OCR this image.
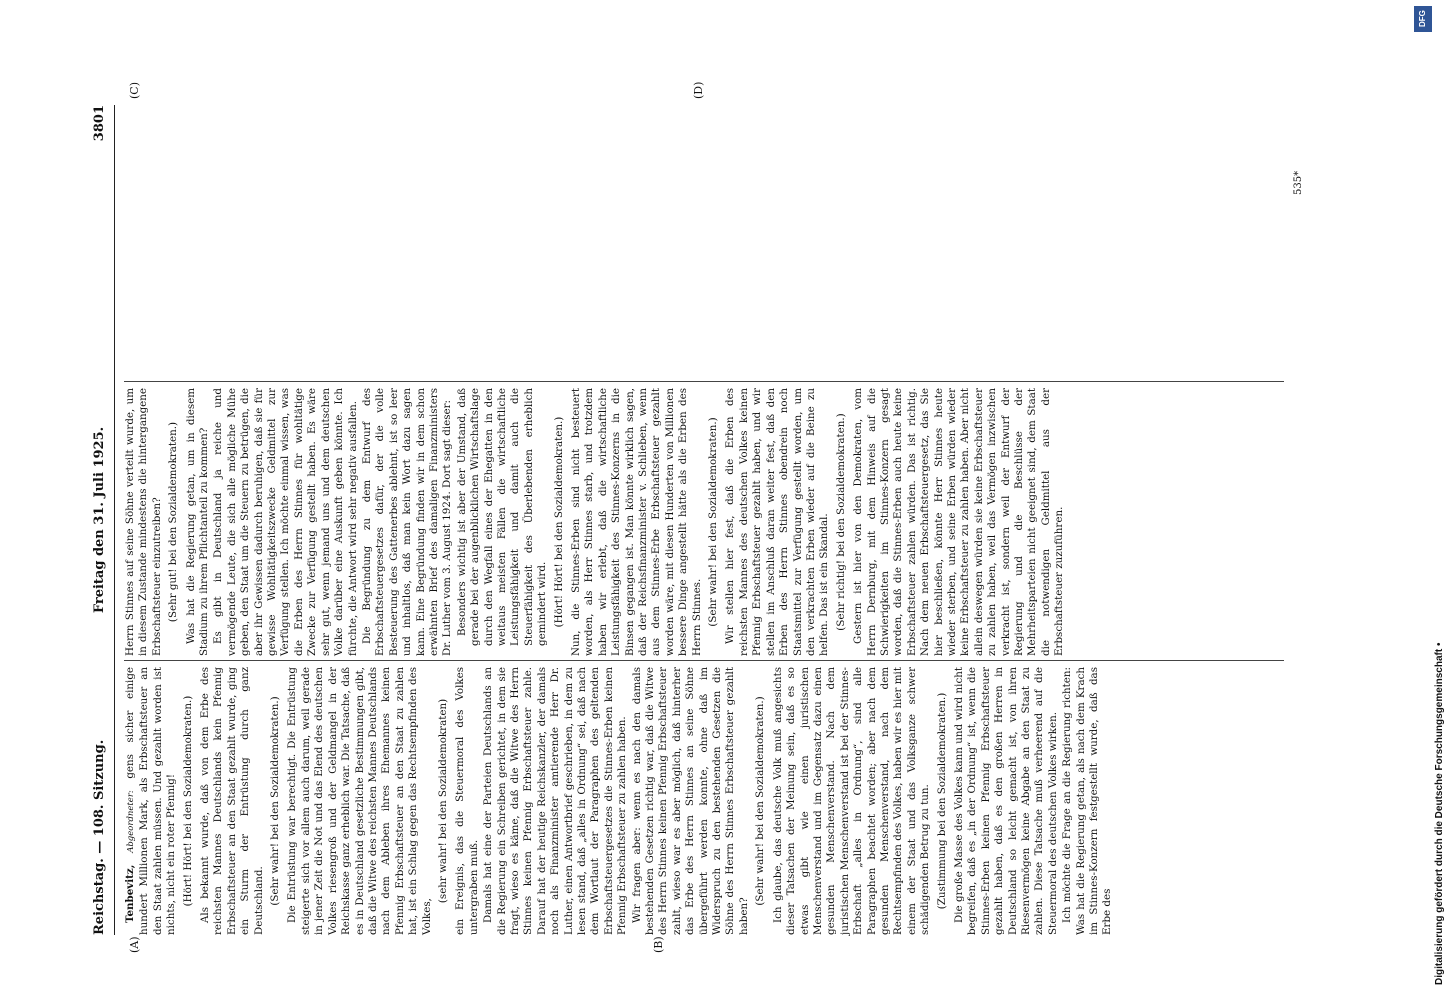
Reichstag. — 108. Sitzung.
Freitag den 31. Juli 1925.
3801
(A)	(B)
(C)	(D)

Tenbevitz, Abgeordneter: gens sicher einige hundert Millionen Mark, als Erbschaftsteuer an den Staat zahlen müssen. Und gezahlt worden ist nichts, nicht ein roter Pfennig! (Hört! Hört! bei den Sozialdemokraten.) Als bekannt wurde, daß von dem Erbe des reichsten Mannes Deutschlands kein Pfennig Erbschaftsteuer an den Staat gezahlt wurde, ging ein Sturm der Entrüstung durch ganz Deutschland. (Sehr wahr! bei den Sozialdemokraten.) Die Entrüstung war berechtigt. Die Entrüstung steigerte sich vor allem auch darum, weil gerade in jener Zeit die Not und das Elend des deutschen Volkes riesengroß und der Geldmangel in der Reichskasse ganz erheblich war. Die Tatsache, daß es in Deutschland gesetzliche Bestimmungen gibt, daß die Witwe des reichsten Mannes Deutschlands nach dem Ableben ihres Ehemannes keinen Pfennig Erbschaftsteuer an den Staat zu zahlen hat, ist ein Schlag gegen das Rechtsempfinden des Volkes,

(sehr wahr! bei den Sozialdemokraten) ein Ereignis, das die Steuermoral des Volkes untergraben muß. Damals hat eine der Parteien Deutschlands an die Regierung ein Schreiben gerichtet, in dem sie fragt, wieso es käme, daß die Witwe des Herrn Stinnes keinen Pfennig Erbschaftsteuer zahle. Darauf hat der heutige Reichskanzler, der damals noch als Finanzminister amtierende Herr Dr. Luther, einen Antwortbrief geschrieben, in dem zu lesen stand, daß „alles in Ordnung“ sei, daß nach dem Wortlaut der Paragraphen des geltenden Erbschaftsteuergesetzes die Stinnes-Erben keinen Pfennig Erbschaftsteuer zu zahlen haben. Wir fragen aber: wenn es nach den damals bestehenden Gesetzen richtig war, daß die Witwe des Herrn Stinnes keinen Pfennig Erbschaftsteuer zahlt, wieso war es aber möglich, daß hinterher das Erbe des Herrn Stinnes an seine Söhne übergeführt werden konnte, ohne daß im Widerspruch zu den bestehenden Gesetzen die Söhne des Herrn Stinnes Erbschaftsteuer gezahlt haben?

(Sehr wahr! bei den Sozialdemokraten.) Ich glaube, das deutsche Volk muß angesichts dieser Tatsachen der Meinung sein, daß es so etwas gibt wie einen juristischen Menschenverstand und im Gegensatz dazu einen gesunden Menschenverstand. Nach dem juristischen Menschenverstand ist bei der Stinnes-Erbschaft „alles in Ordnung“, sind alle Paragraphen beachtet worden; aber nach dem gesunden Menschenverstand, nach dem Rechtsempfinden des Volkes, haben wir es hier mit einem der Staat und das Volksganze schwer schädigenden Betrug zu tun. (Zustimmung bei den Sozialdemokraten.) Die große Masse des Volkes kann und wird nicht begreifen, daß es „in der Ordnung“ ist, wenn die Stinnes-Erben keinen Pfennig Erbschaftsteuer gezahlt haben, daß es den großen Herren in Deutschland so leicht gemacht ist, von ihren Riesenvermögen keine Abgabe an den Staat zu zahlen. Diese Tatsache muß verheerend auf die Steuermoral des deutschen Volkes wirken. Ich möchte die Frage an die Regierung richten: Was hat die Regierung getan, als nach dem Krach im Stinnes-Konzern festgestellt wurde, daß das Erbe des

Herrn Stinnes auf seine Söhne verteilt wurde, um in diesem Zustande mindestens die hintergangene Erbschaftsteuer einzutreiben? (Sehr gut! bei den Sozialdemokraten.) Was hat die Regierung getan, um in diesem Stadium zu ihrem Pflichtanteil zu kommen? Es gibt in Deutschland ja reiche und vermögende Leute, die sich alle mögliche Mühe geben, den Staat um die Steuern zu betrügen, die aber ihr Gewissen dadurch beruhigen, daß sie für gewisse Wohltätigkeitszwecke Geldmittel zur Verfügung stellen. Ich möchte einmal wissen, was die Erben des Herrn Stinnes für wohltätige Zwecke zur Verfügung gestellt haben. Es wäre sehr gut, wenn jemand uns und dem deutschen Volke darüber eine Auskunft geben könnte. Ich fürchte, die Antwort wird sehr negativ ausfallen. Die Begründung zu dem Entwurf des Erbschaftsteuergesetzes dafür, der die volle Besteuerung des Gattenerbes ablehnt, ist so leer und inhaltlos, daß man kein Wort dazu sagen kann. Eine Begründung finden wir in dem schon erwähnten Brief des damaligen Finanzministers Dr. Luther vom 3. August 1924. Dort sagt dieser: Besonders wichtig ist aber der Umstand, daß gerade bei der augenblicklichen Wirtschaftslage durch den Wegfall eines der Ehegatten in den weitaus meisten Fällen die wirtschaftliche Leistungsfähigkeit und damit auch die Steuerfähigkeit des Überlebenden erheblich gemindert wird. (Hört! Hört! bei den Sozialdemokraten.) Nun, die Stinnes-Erben sind nicht besteuert worden, als Herr Stinnes starb, und trotzdem haben wir erlebt, daß die wirtschaftliche Leistungsfähigkeit des Stinnes-Konzerns in die Binsen gegangen ist. Man könnte wirklich sagen, daß der Reichsfinanzminister v. Schlieben, wenn aus dem Stinnes-Erbe Erbschaftsteuer gezahlt worden wäre, mit diesen Hunderten von Millionen bessere Dinge angestellt hätte als die Erben des Herrn Stinnes. (Sehr wahr! bei den Sozialdemokraten.) Wir stellen hier fest, daß die Erben des reichsten Mannes des deutschen Volkes keinen Pfennig Erbschaftsteuer gezahlt haben, und wir stellen im Anschluß daran weiter fest, daß den Erben des Herrn Stinnes obendrein noch Staatsmittel zur Verfügung gestellt worden, um den verkrachten Erben wieder auf die Beine zu helfen. Das ist ein Skandal. (Sehr richtig! bei den Sozialdemokraten.) Gestern ist hier von den Demokraten, vom Herrn Dernburg, mit dem Hinweis auf die Schwierigkeiten im Stinnes-Konzern gesagt worden, daß die Stinnes-Erben auch heute keine Erbschaftsteuer zahlen würden. Das ist richtig. Nach dem neuen Erbschaftsteuergesetz, das Sie hier beschließen, könnte Herr Stinnes heute wieder sterben, und seine Erben würden wieder keine Erbschaftsteuer zu zahlen haben. Aber nicht allein deswegen würden sie keine Erbschaftsteuer zu zahlen haben, weil das Vermögen inzwischen verkracht ist, sondern weil der Entwurf der Regierung und die Beschlüsse der Mehrheitsparteien nicht geeignet sind, dem Staat die notwendigen Geldmittel aus der Erbschaftsteuer zuzuführen.

535*
DFG
Digitalisierung gefördert durch die Deutsche Forschungsgemeinschaft •
